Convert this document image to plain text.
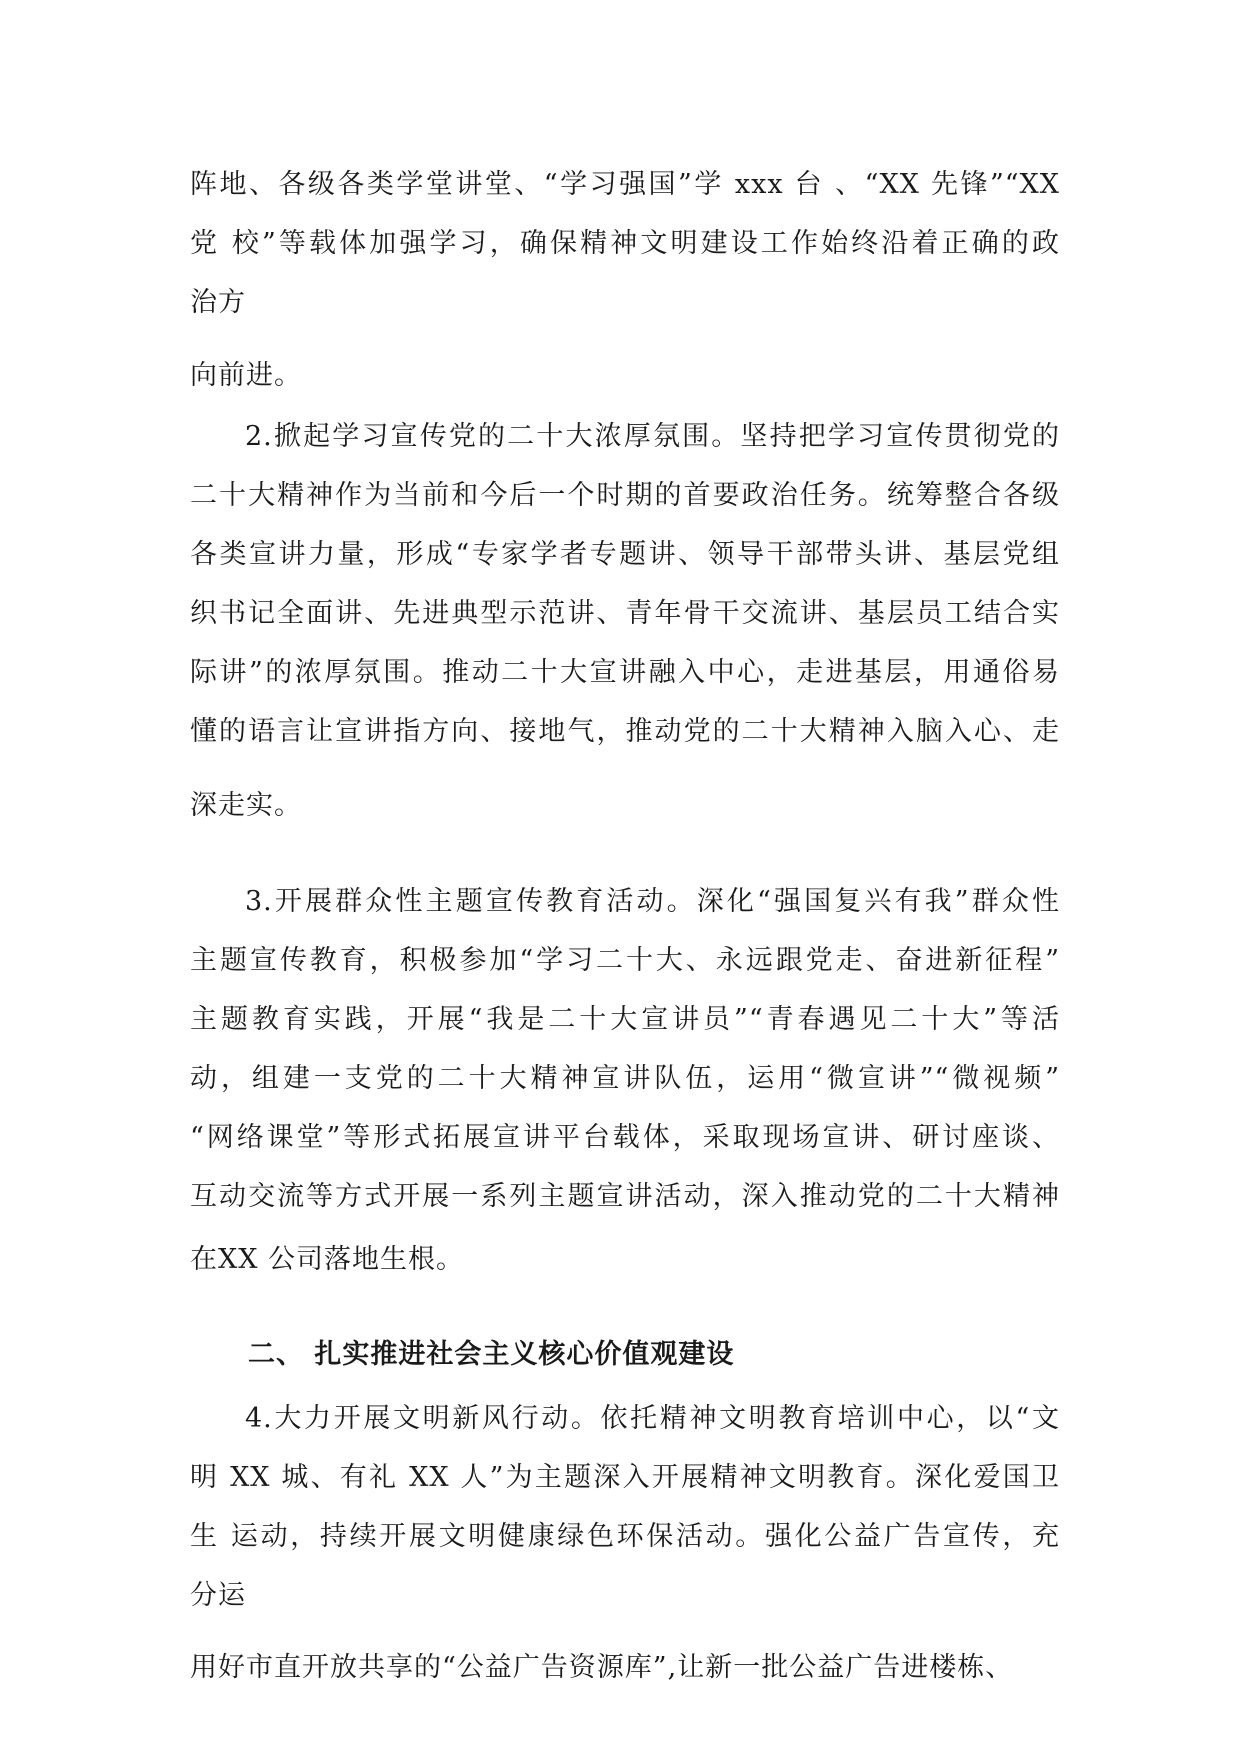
阵地、各级各类学堂讲堂、“学习强国”学 xxx 台 、“XX 先锋”“XX
党 校”等载体加强学习，确保精神文明建设工作始终沿着正确的政
治方
向前进。
2.掀起学习宣传党的二十大浓厚氛围。坚持把学习宣传贯彻党的
二十大精神作为当前和今后一个时期的首要政治任务。统筹整合各级
各类宣讲力量，形成“专家学者专题讲、领导干部带头讲、基层党组
织书记全面讲、先进典型示范讲、青年骨干交流讲、基层员工结合实
际讲”的浓厚氛围。推动二十大宣讲融入中心，走进基层，用通俗易
懂的语言让宣讲指方向、接地气，推动党的二十大精神入脑入心、走
深走实。
3.开展群众性主题宣传教育活动。深化“强国复兴有我”群众性
主题宣传教育，积极参加“学习二十大、永远跟党走、奋进新征程”
主题教育实践，开展“我是二十大宣讲员”“青春遇见二十大”等活
动，组建一支党的二十大精神宣讲队伍，运用“微宣讲”“微视频”
“网络课堂”等形式拓展宣讲平台载体，采取现场宣讲、研讨座谈、
互动交流等方式开展一系列主题宣讲活动，深入推动党的二十大精神
在XX 公司落地生根。
二、 扎实推进社会主义核心价值观建设
4.大力开展文明新风行动。依托精神文明教育培训中心，以“文
明 XX 城、有礼 XX 人”为主题深入开展精神文明教育。深化爱国卫
生 运动，持续开展文明健康绿色环保活动。强化公益广告宣传，充
分运
用好市直开放共享的“公益广告资源库”,让新一批公益广告进楼栋、
